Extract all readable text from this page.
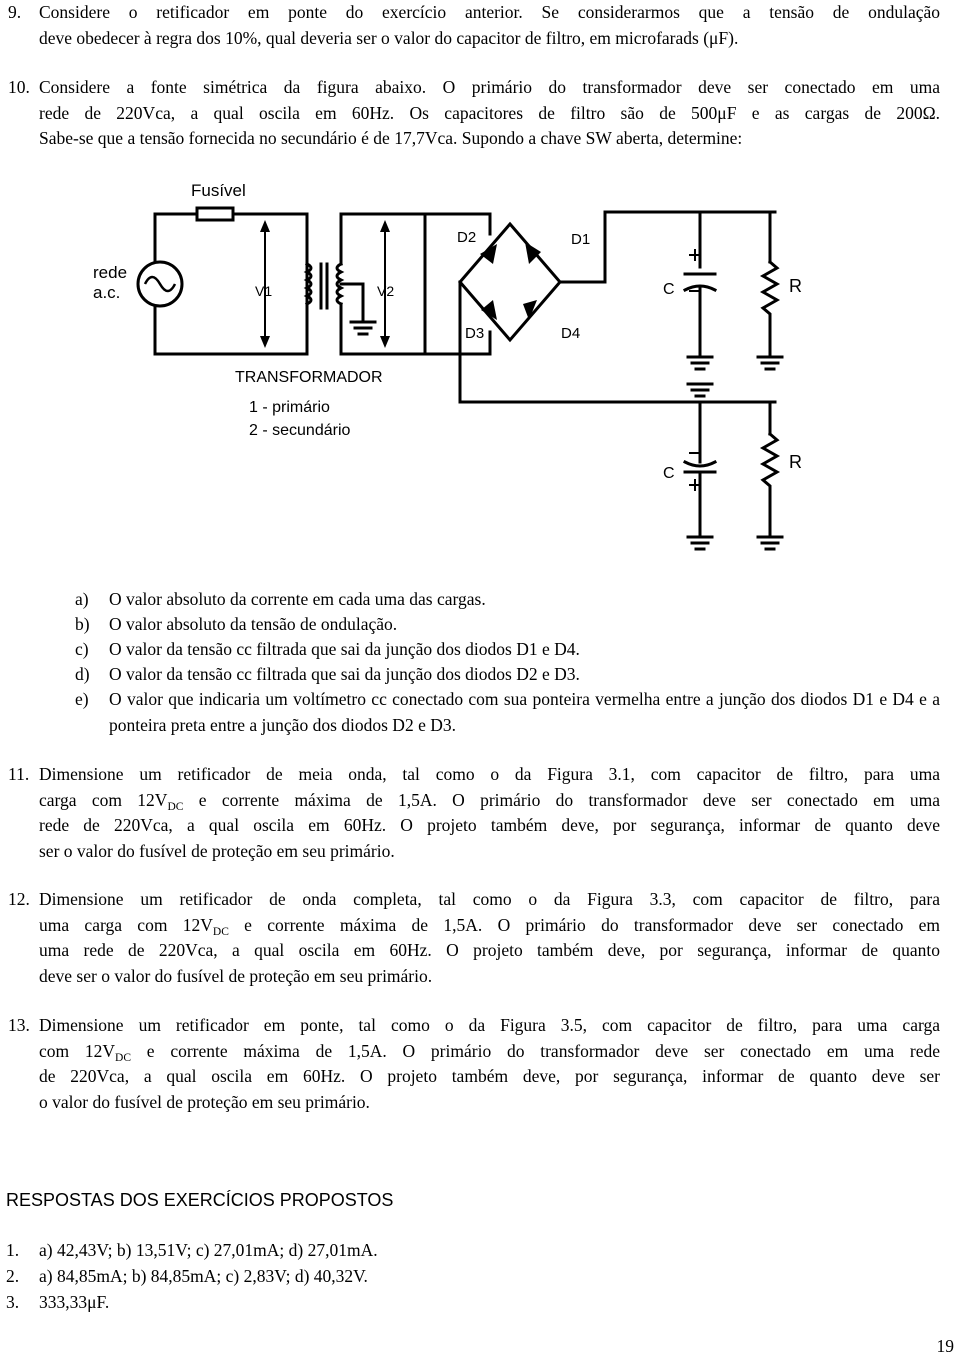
9. Considere o retificador em ponte do exercício anterior. Se considerarmos que a tensão de ondulação
deve obedecer à regra dos 10%, qual deveria ser o valor do capacitor de filtro, em microfarads (μF).
10. Considere a fonte simétrica da figura abaixo. O primário do transformador deve ser conectado em uma
rede de 220Vca, a qual oscila em 60Hz. Os capacitores de filtro são de 500μF e as cargas de 200Ω.
Sabe-se que a tensão fornecida no secundário é de 17,7Vca. Supondo a chave SW aberta, determine:
Fusível
rede
a.c.	V1	V2
D1
D2
D3	D4
C	R
C
R
TRANSFORMADOR
1 - primário
2 - secundário
a) O valor absoluto da corrente em cada uma das cargas.
b) O valor absoluto da tensão de ondulação.
c) O valor da tensão cc filtrada que sai da junção dos diodos D1 e D4.
d) O valor da tensão cc filtrada que sai da junção dos diodos D2 e D3.
e) O valor que indicaria um voltímetro cc conectado com sua ponteira vermelha entre a junção dos diodos D1 e D4 e a ponteira preta entre a junção dos diodos D2 e D3.
11. Dimensione um retificador de meia onda, tal como o da Figura 3.1, com capacitor de filtro, para uma
carga com 12VDC e corrente máxima de 1,5A. O primário do transformador deve ser conectado em uma
rede de 220Vca, a qual oscila em 60Hz. O projeto também deve, por segurança, informar de quanto deve
ser o valor do fusível de proteção em seu primário.
12. Dimensione um retificador de onda completa, tal como o da Figura 3.3, com capacitor de filtro, para
uma carga com 12VDC e corrente máxima de 1,5A. O primário do transformador deve ser conectado em
uma rede de 220Vca, a qual oscila em 60Hz. O projeto também deve, por segurança, informar de quanto
deve ser o valor do fusível de proteção em seu primário.
13. Dimensione um retificador em ponte, tal como o da Figura 3.5, com capacitor de filtro, para uma carga
com 12VDC e corrente máxima de 1,5A. O primário do transformador deve ser conectado em uma rede
de 220Vca, a qual oscila em 60Hz. O projeto também deve, por segurança, informar de quanto deve ser
o valor do fusível de proteção em seu primário.
RESPOSTAS DOS EXERCÍCIOS PROPOSTOS
1. a) 42,43V; b) 13,51V; c) 27,01mA; d) 27,01mA.
2. a) 84,85mA; b) 84,85mA; c) 2,83V; d) 40,32V.
3. 333,33μF.
19
